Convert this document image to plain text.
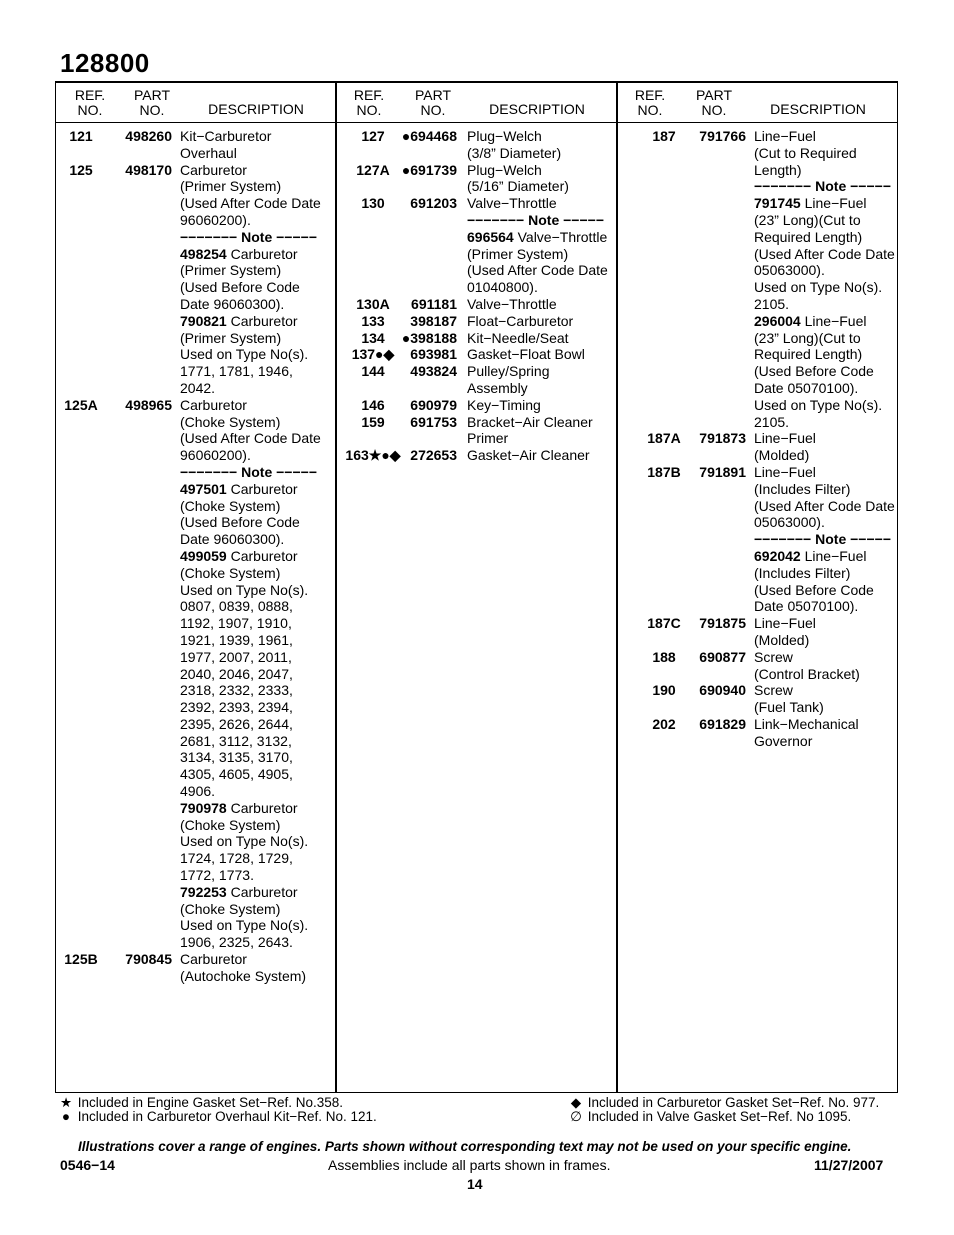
128800
REF.
NO.
PART
NO.	DESCRIPTION
121	498260 Kit−Carburetor
Overhaul
125	498170 Carburetor
(Primer System)
(Used After Code Date
96060200).
−−−−−−− Note −−−−−
498254 Carburetor
(Primer System)
(Used Before Code
Date 96060300).
790821 Carburetor
(Primer System)
Used on Type No(s).
1771, 1781, 1946,
2042.
125A	498965 Carburetor
(Choke System)
(Used After Code Date
96060200).
−−−−−−− Note −−−−−
497501 Carburetor
(Choke System)
(Used Before Code
Date 96060300).
499059 Carburetor
(Choke System)
Used on Type No(s).
0807, 0839, 0888,
1192, 1907, 1910,
1921, 1939, 1961,
1977, 2007, 2011,
2040, 2046, 2047,
2318, 2332, 2333,
2392, 2393, 2394,
2395, 2626, 2644,
2681, 3112, 3132,
3134, 3135, 3170,
4305, 4605, 4905,
4906.
790978 Carburetor
(Choke System)
Used on Type No(s).
1724, 1728, 1729,
1772, 1773.
792253 Carburetor
(Choke System)
Used on Type No(s).
1906, 2325, 2643.
125B	790845 Carburetor
(Autochoke System)
REF.
NO.
PART
NO.	DESCRIPTION
127	●694468 Plug−Welch
(3/8” Diameter)
127A ●691739 Plug−Welch
(5/16” Diameter)
130	691203 Valve−Throttle
−−−−−−− Note −−−−−
696564 Valve−Throttle
(Primer System)
(Used After Code Date
01040800).
130A	691181 Valve−Throttle
133	398187 Float−Carburetor
134	●398188 Kit−Needle/Seat
137●◆	693981 Gasket−Float Bowl
144	493824 Pulley/Spring
Assembly
146	690979 Key−Timing
159	691753 Bracket−Air Cleaner
Primer
163★●◆ 272653 Gasket−Air Cleaner
REF.
NO.
PART
NO.	DESCRIPTION
187	791766 Line−Fuel
(Cut to Required
Length)
−−−−−−− Note −−−−−
791745 Line−Fuel
(23” Long)(Cut to
Required Length)
(Used After Code Date
05063000).
Used on Type No(s).
2105.
296004 Line−Fuel
(23” Long)(Cut to
Required Length)
(Used Before Code
Date 05070100).
Used on Type No(s).
2105.
187A	791873 Line−Fuel
(Molded)
187B	791891 Line−Fuel
(Includes Filter)
(Used After Code Date
05063000).
−−−−−−− Note −−−−−
692042 Line−Fuel
(Includes Filter)
(Used Before Code
Date 05070100).
187C	791875 Line−Fuel
(Molded)
188	690877 Screw
(Control Bracket)
190	690940 Screw
(Fuel Tank)
202	691829 Link−Mechanical
Governor
★ Included in Engine Gasket Set−Ref. No.358.
● Included in Carburetor Overhaul Kit−Ref. No. 121.
◆ Included in Carburetor Gasket Set−Ref. No. 977.
∅ Included in Valve Gasket Set−Ref. No 1095.
Illustrations cover a range of engines. Parts shown without corresponding text may not be used on your specific engine.
0546−14	Assemblies include all parts shown in frames.	11/27/2007
14
